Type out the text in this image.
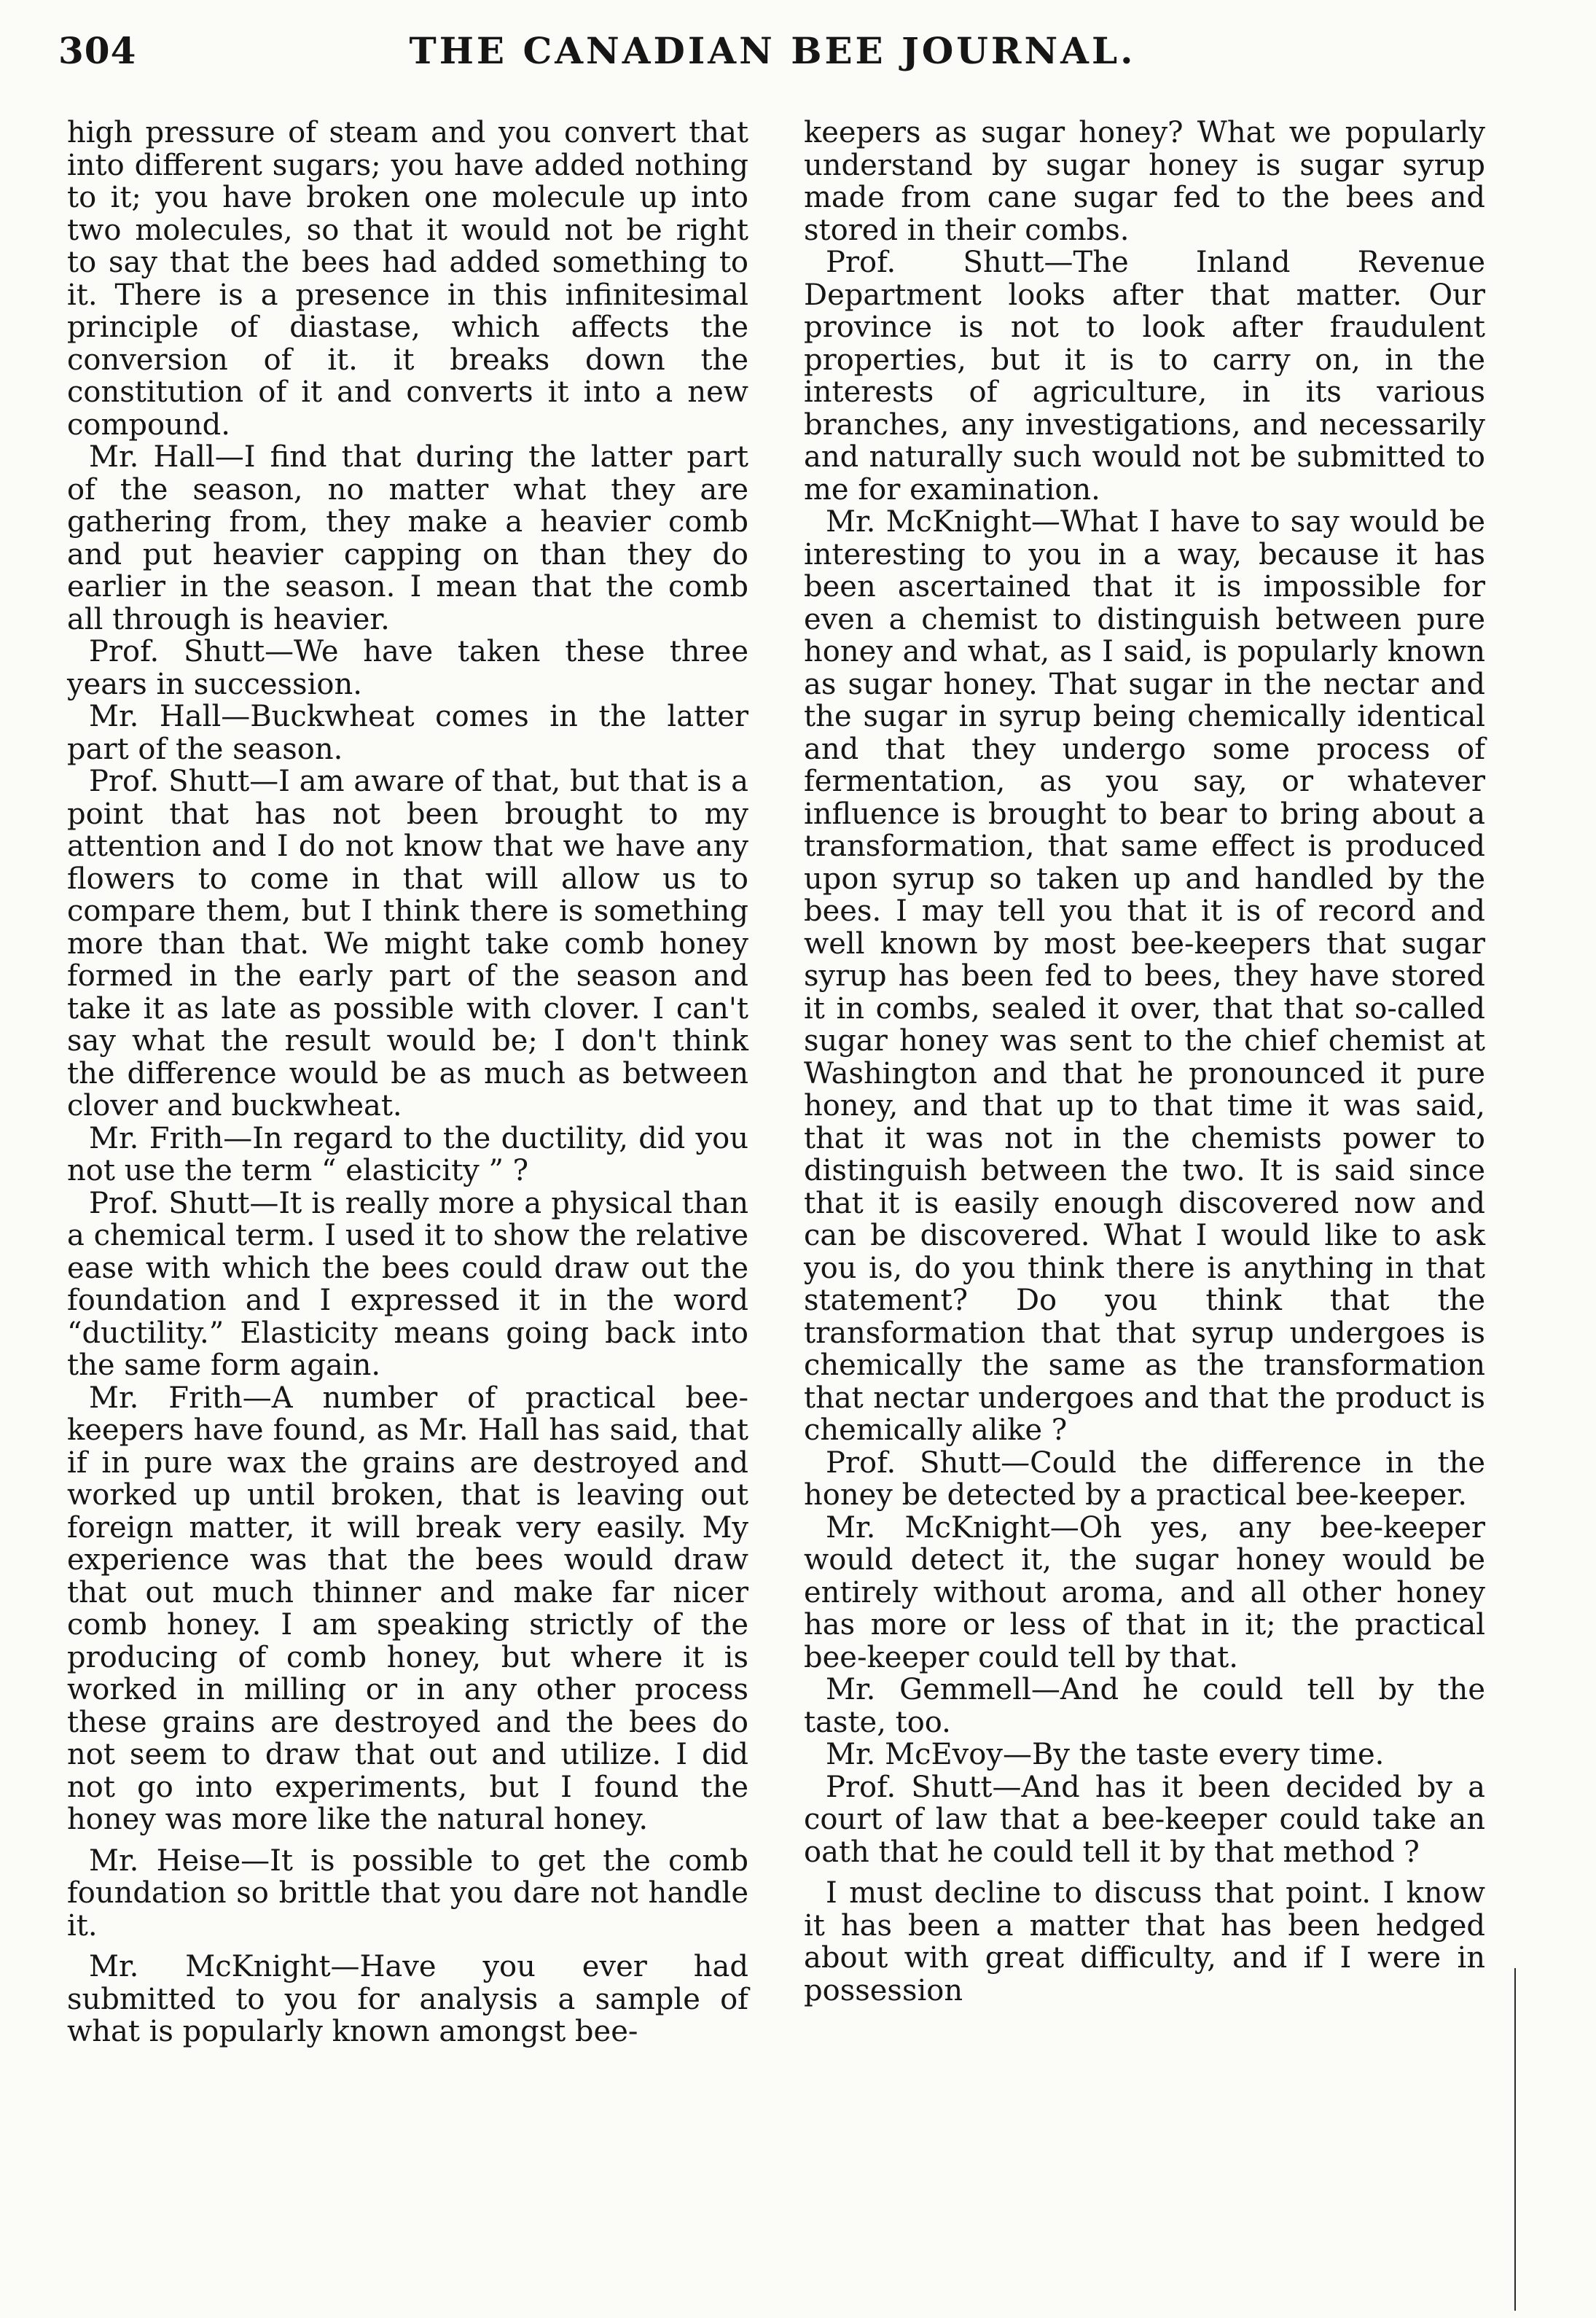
304	THE CANADIAN BEE JOURNAL.

high pressure of steam and you convert that into different sugars; you have added nothing to it; you have broken one molecule up into two molecules, so that it would not be right to say that the bees had added something to it. There is a presence in this infinitesimal principle of diastase, which affects the conversion of it. it breaks down the constitution of it and converts it into a new compound.

Mr. Hall—I find that during the latter part of the season, no matter what they are gathering from, they make a heavier comb and put heavier capping on than they do earlier in the season. I mean that the comb all through is heavier.

Prof. Shutt—We have taken these three years in succession.

Mr. Hall—Buckwheat comes in the latter part of the season.

Prof. Shutt—I am aware of that, but that is a point that has not been brought to my attention and I do not know that we have any flowers to come in that will allow us to compare them, but I think there is something more than that. We might take comb honey formed in the early part of the season and take it as late as possible with clover. I can't say what the result would be; I don't think the difference would be as much as between clover and buckwheat.

Mr. Frith—In regard to the ductility, did you not use the term “ elasticity ” ?

Prof. Shutt—It is really more a physical than a chemical term. I used it to show the relative ease with which the bees could draw out the foundation and I expressed it in the word “ductility.” Elasticity means going back into the same form again.

Mr. Frith—A number of practical bee-keepers have found, as Mr. Hall has said, that if in pure wax the grains are destroyed and worked up until broken, that is leaving out foreign matter, it will break very easily. My experience was that the bees would draw that out much thinner and make far nicer comb honey. I am speaking strictly of the producing of comb honey, but where it is worked in milling or in any other process these grains are destroyed and the bees do not seem to draw that out and utilize. I did not go into experiments, but I found the honey was more like the natural honey.

Mr. Heise—It is possible to get the comb foundation so brittle that you dare not handle it.

Mr. McKnight—Have you ever had submitted to you for analysis a sample of what is popularly known amongst bee-

keepers as sugar honey? What we popularly understand by sugar honey is sugar syrup made from cane sugar fed to the bees and stored in their combs.

Prof. Shutt—The Inland Revenue Department looks after that matter. Our province is not to look after fraudulent properties, but it is to carry on, in the interests of agriculture, in its various branches, any investigations, and necessarily and naturally such would not be submitted to me for examination.

Mr. McKnight—What I have to say would be interesting to you in a way, because it has been ascertained that it is impossible for even a chemist to distinguish between pure honey and what, as I said, is popularly known as sugar honey. That sugar in the nectar and the sugar in syrup being chemically identical and that they undergo some process of fermentation, as you say, or whatever influence is brought to bear to bring about a transformation, that same effect is produced upon syrup so taken up and handled by the bees. I may tell you that it is of record and well known by most bee-keepers that sugar syrup has been fed to bees, they have stored it in combs, sealed it over, that that so-called sugar honey was sent to the chief chemist at Washington and that he pronounced it pure honey, and that up to that time it was said, that it was not in the chemists power to distinguish between the two. It is said since that it is easily enough discovered now and can be discovered. What I would like to ask you is, do you think there is anything in that statement? Do you think that the transformation that that syrup undergoes is chemically the same as the transformation that nectar undergoes and that the product is chemically alike ?

Prof. Shutt—Could the difference in the honey be detected by a practical bee-keeper.

Mr. McKnight—Oh yes, any bee-keeper would detect it, the sugar honey would be entirely without aroma, and all other honey has more or less of that in it; the practical bee-keeper could tell by that.

Mr. Gemmell—And he could tell by the taste, too.

Mr. McEvoy—By the taste every time.

Prof. Shutt—And has it been decided by a court of law that a bee-keeper could take an oath that he could tell it by that method ?

I must decline to discuss that point. I know it has been a matter that has been hedged about with great difficulty, and if I were in possession
